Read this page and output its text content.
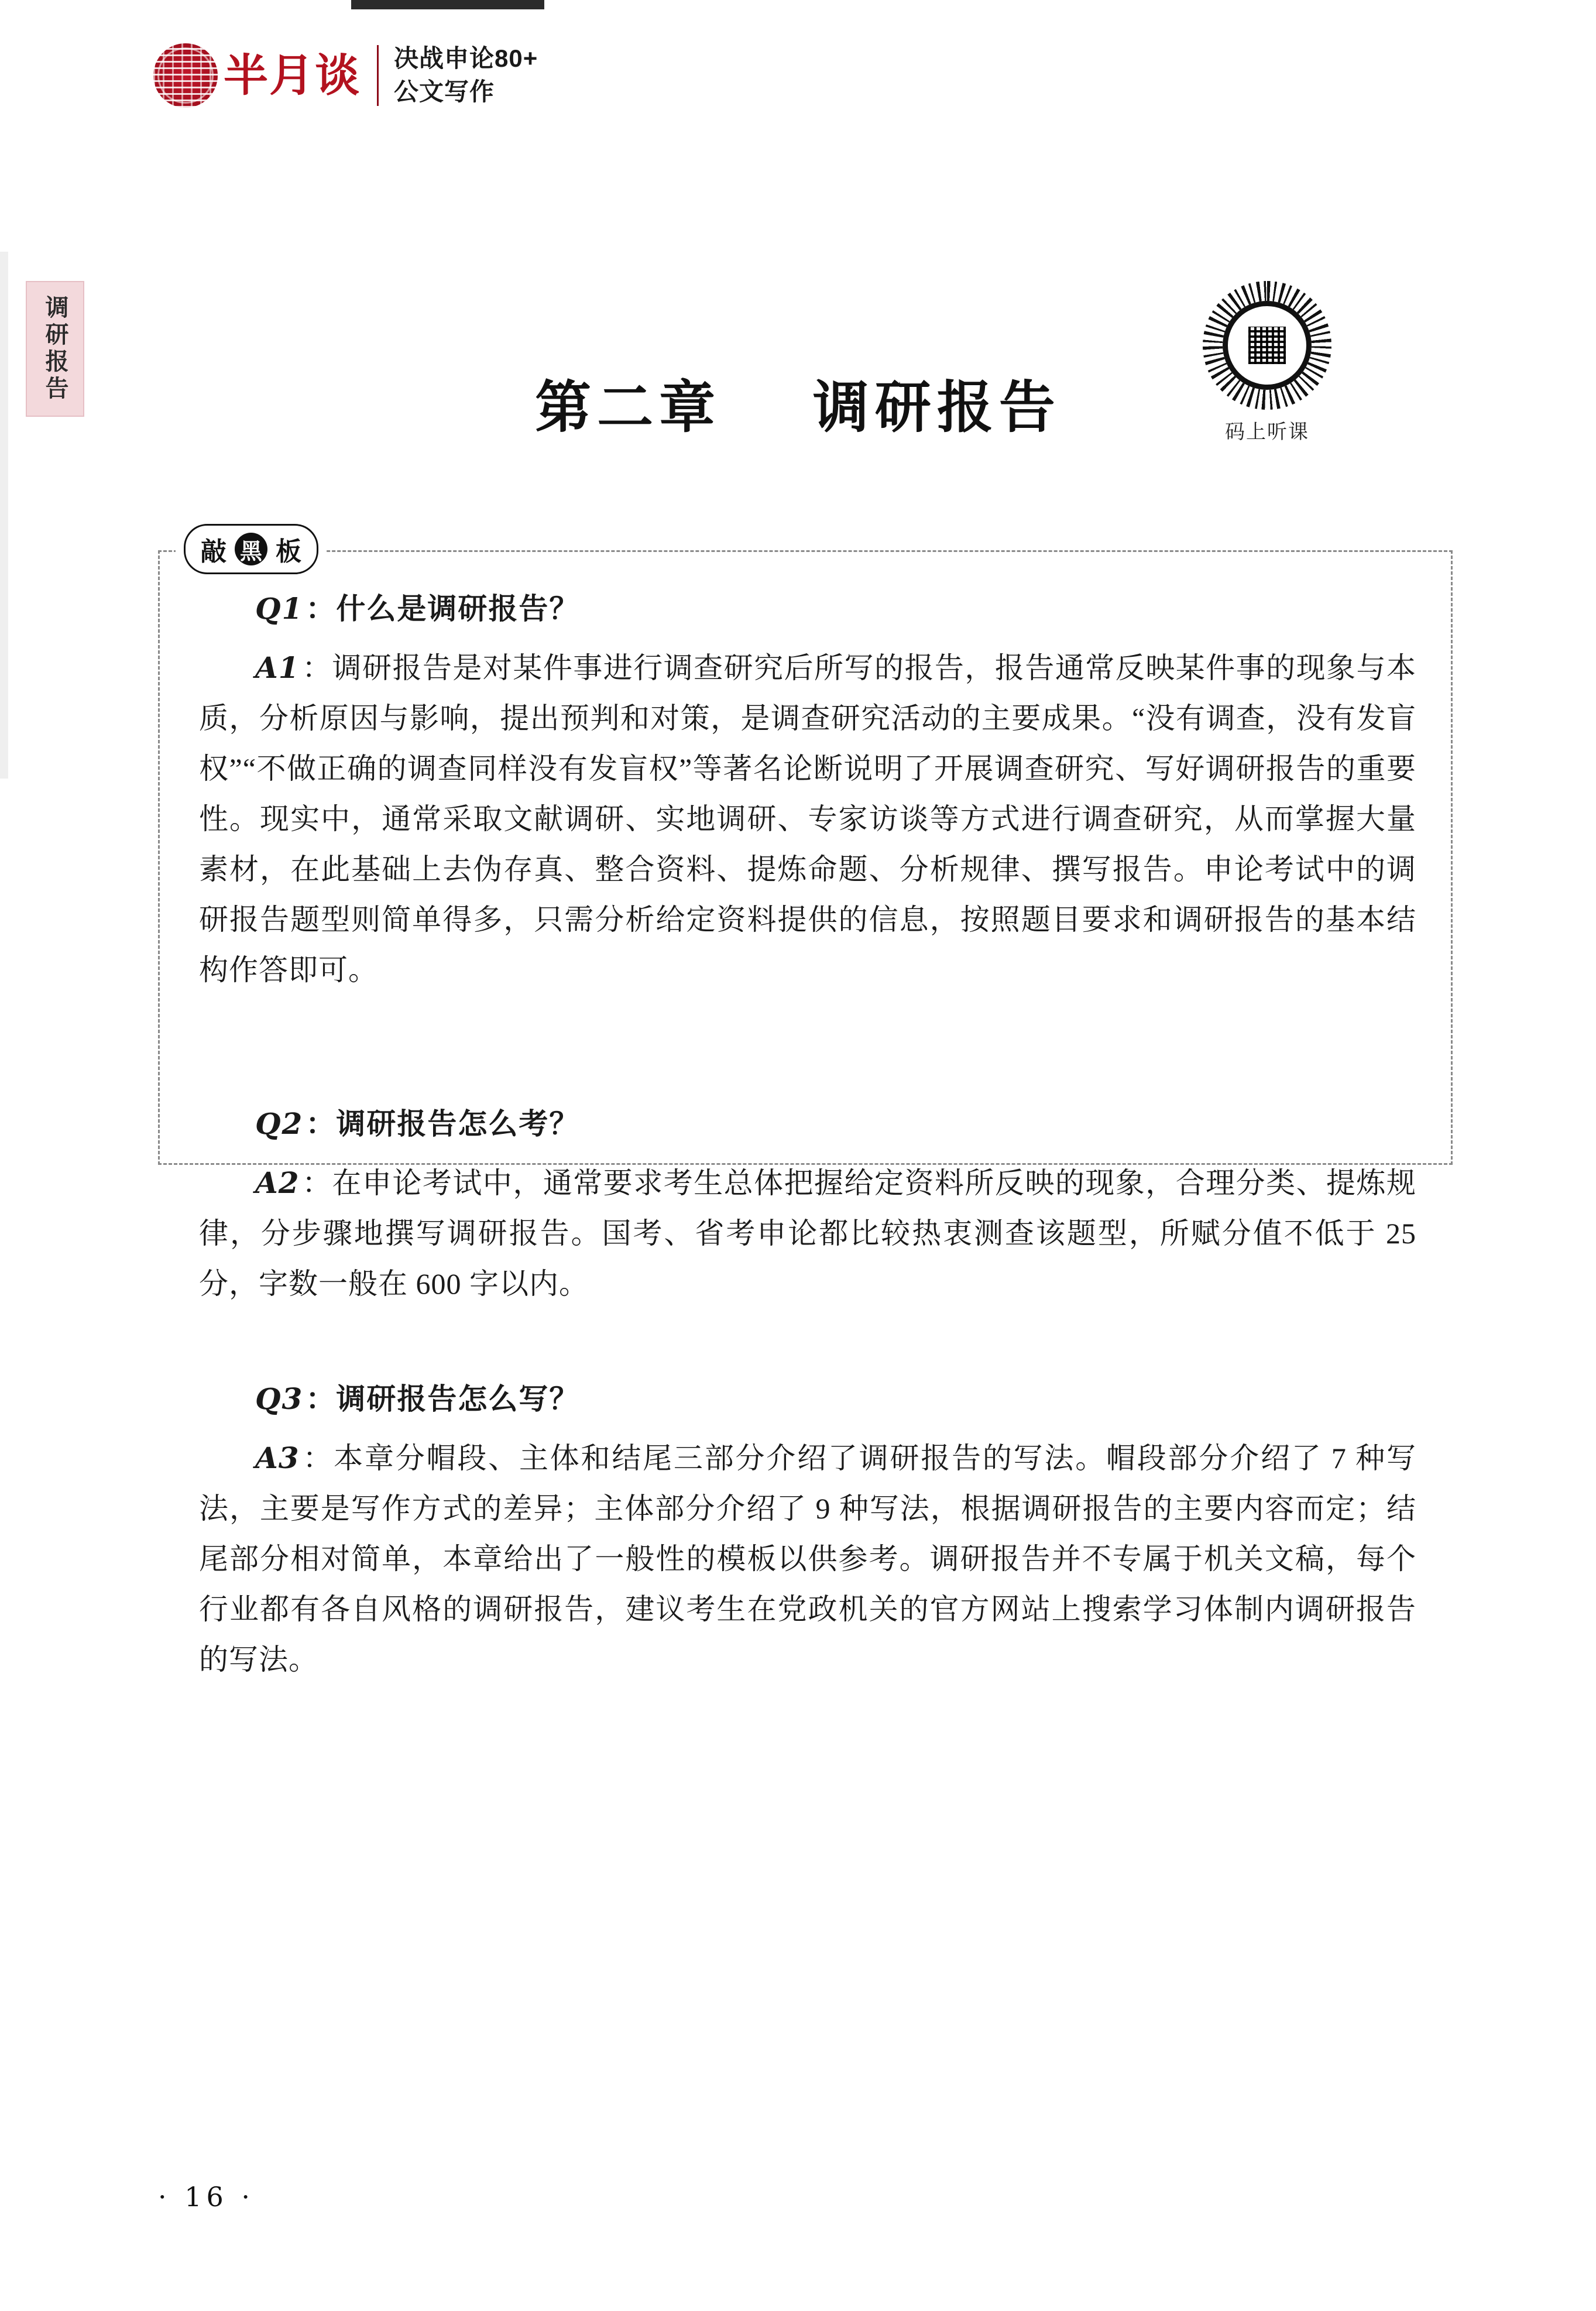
半月谈 决战申论80+
公文写作
调研报告
第二章 调研报告	码上听课
敲 黑 板
Q1：什么是调研报告？
A1：调研报告是对某件事进行调查研究后所写的报告，报告通常反映某件事的现象与本质，分析原因与影响，提出预判和对策，是调查研究活动的主要成果。“没有调查，没有发盲权”“不做正确的调查同样没有发盲权”等著名论断说明了开展调查研究、写好调研报告的重要性。现实中，通常采取文献调研、实地调研、专家访谈等方式进行调查研究，从而掌握大量素材，在此基础上去伪存真、整合资料、提炼命题、分析规律、撰写报告。申论考试中的调研报告题型则简单得多，只需分析给定资料提供的信息，按照题目要求和调研报告的基本结构作答即可。
Q2：调研报告怎么考？
A2：在申论考试中，通常要求考生总体把握给定资料所反映的现象，合理分类、提炼规律，分步骤地撰写调研报告。国考、省考申论都比较热衷测查该题型，所赋分值不低于 25 分，字数一般在 600 字以内。
Q3：调研报告怎么写？
A3：本章分帽段、主体和结尾三部分介绍了调研报告的写法。帽段部分介绍了 7 种写法，主要是写作方式的差异；主体部分介绍了 9 种写法，根据调研报告的主要内容而定；结尾部分相对简单，本章给出了一般性的模板以供参考。调研报告并不专属于机关文稿，每个行业都有各自风格的调研报告，建议考生在党政机关的官方网站上搜索学习体制内调研报告的写法。
· 16 ·
